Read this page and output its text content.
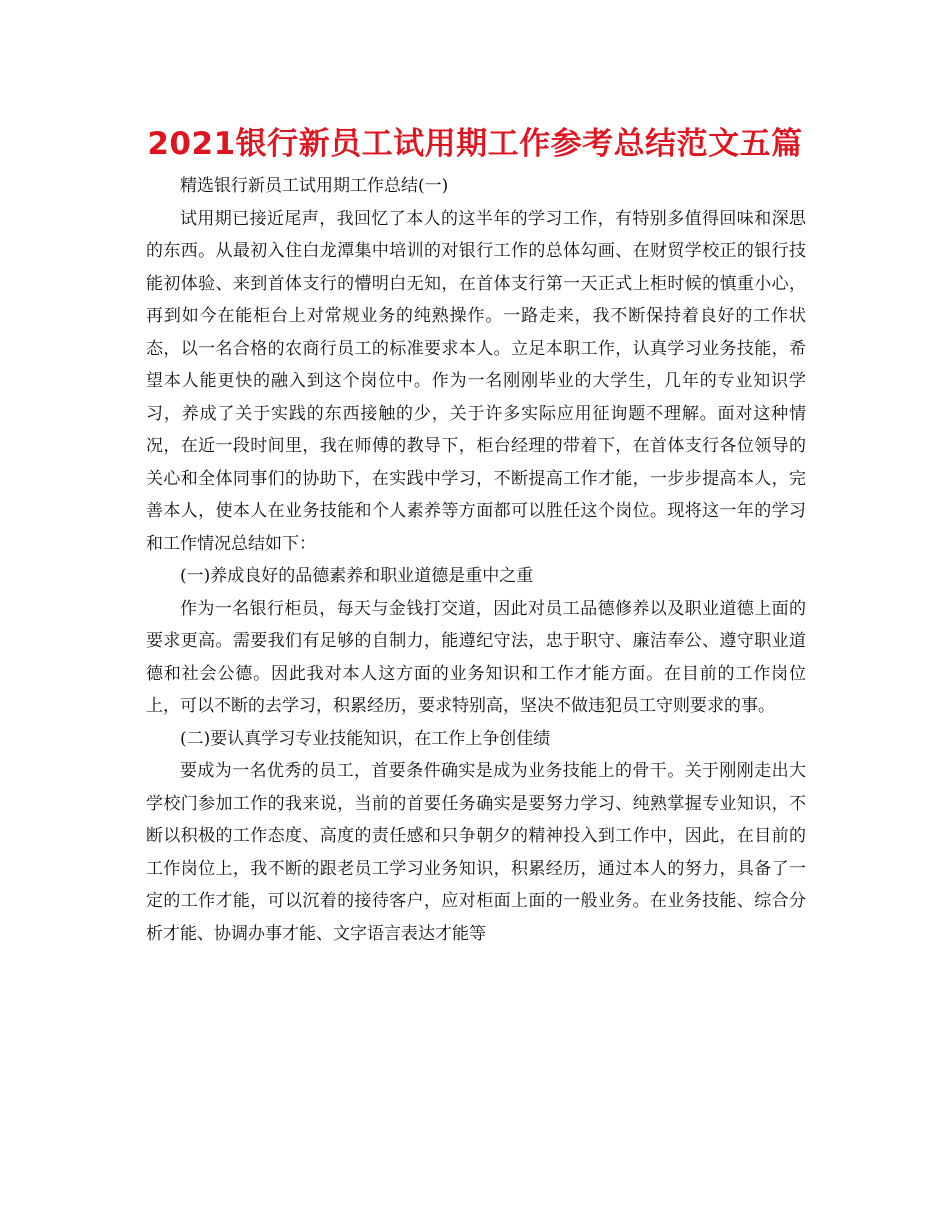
2021银行新员工试用期工作参考总结范文五篇

精选银行新员工试用期工作总结(一)

试用期已接近尾声，我回忆了本人的这半年的学习工作，有特别多值得回味和深思的东西。从最初入住白龙潭集中培训的对银行工作的总体勾画、在财贸学校正的银行技能初体验、来到首体支行的懵明白无知，在首体支行第一天正式上柜时候的慎重小心，再到如今在能柜台上对常规业务的纯熟操作。一路走来，我不断保持着良好的工作状态，以一名合格的农商行员工的标准要求本人。立足本职工作，认真学习业务技能，希望本人能更快的融入到这个岗位中。作为一名刚刚毕业的大学生，几年的专业知识学习，养成了关于实践的东西接触的少，关于许多实际应用征询题不理解。面对这种情况，在近一段时间里，我在师傅的教导下，柜台经理的带着下，在首体支行各位领导的关心和全体同事们的协助下，在实践中学习，不断提高工作才能，一步步提高本人，完善本人，使本人在业务技能和个人素养等方面都可以胜任这个岗位。现将这一年的学习和工作情况总结如下：

(一)养成良好的品德素养和职业道德是重中之重

作为一名银行柜员，每天与金钱打交道，因此对员工品德修养以及职业道德上面的要求更高。需要我们有足够的自制力，能遵纪守法，忠于职守、廉洁奉公、遵守职业道德和社会公德。因此我对本人这方面的业务知识和工作才能方面。在目前的工作岗位上，可以不断的去学习，积累经历，要求特别高，坚决不做违犯员工守则要求的事。

(二)要认真学习专业技能知识，在工作上争创佳绩

要成为一名优秀的员工，首要条件确实是成为业务技能上的骨干。关于刚刚走出大学校门参加工作的我来说，当前的首要任务确实是要努力学习、纯熟掌握专业知识，不断以积极的工作态度、高度的责任感和只争朝夕的精神投入到工作中，因此，在目前的工作岗位上，我不断的跟老员工学习业务知识，积累经历，通过本人的努力，具备了一定的工作才能，可以沉着的接待客户，应对柜面上面的一般业务。在业务技能、综合分析才能、协调办事才能、文字语言表达才能等
